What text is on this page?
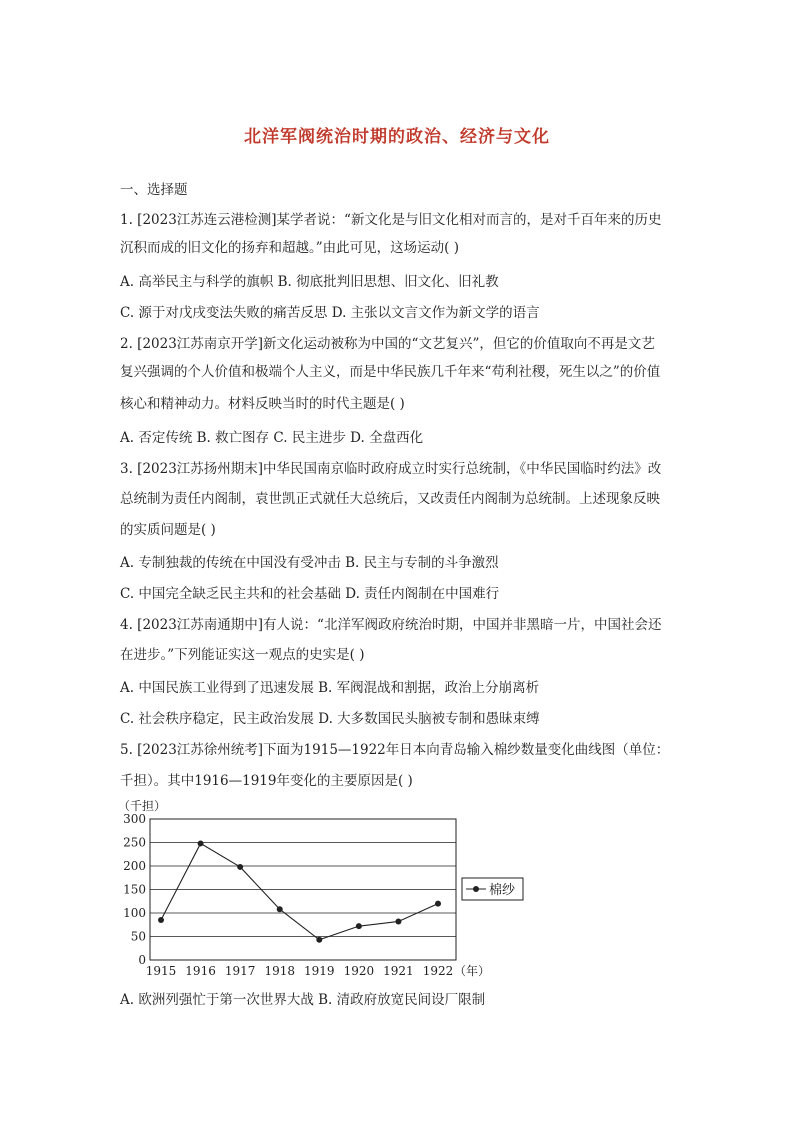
北洋军阀统治时期的政治、经济与文化
一、选择题
1. [2023江苏连云港检测]某学者说：“新文化是与旧文化相对而言的，是对千百年来的历史
沉积而成的旧文化的扬弃和超越。”由此可见，这场运动( )
A. 高举民主与科学的旗帜 B. 彻底批判旧思想、旧文化、旧礼教
C. 源于对戊戌变法失败的痛苦反思 D. 主张以文言文作为新文学的语言
2. [2023江苏南京开学]新文化运动被称为中国的“文艺复兴”，但它的价值取向不再是文艺
复兴强调的个人价值和极端个人主义，而是中华民族几千年来“苟利社稷，死生以之”的价值
核心和精神动力。材料反映当时的时代主题是( )
A. 否定传统 B. 救亡图存 C. 民主进步 D. 全盘西化
3. [2023江苏扬州期末]中华民国南京临时政府成立时实行总统制，《中华民国临时约法》改
总统制为责任内阁制，袁世凯正式就任大总统后，又改责任内阁制为总统制。上述现象反映
的实质问题是( )
A. 专制独裁的传统在中国没有受冲击 B. 民主与专制的斗争激烈
C. 中国完全缺乏民主共和的社会基础 D. 责任内阁制在中国难行
4. [2023江苏南通期中]有人说：“北洋军阀政府统治时期，中国并非黑暗一片，中国社会还
在进步。”下列能证实这一观点的史实是( )
A. 中国民族工业得到了迅速发展 B. 军阀混战和割据，政治上分崩离析
C. 社会秩序稳定，民主政治发展 D. 大多数国民头脑被专制和愚昧束缚
5. [2023江苏徐州统考]下面为1915—1922年日本向青岛输入棉纱数量变化曲线图（单位：
千担）。其中1916—1919年变化的主要原因是( )
0
50
100
150
200
250
300
（千担）
1915 1916 1917 1918 1919 1920 1921 1922 （年）
棉纱
A. 欧洲列强忙于第一次世界大战 B. 清政府放宽民间设厂限制
